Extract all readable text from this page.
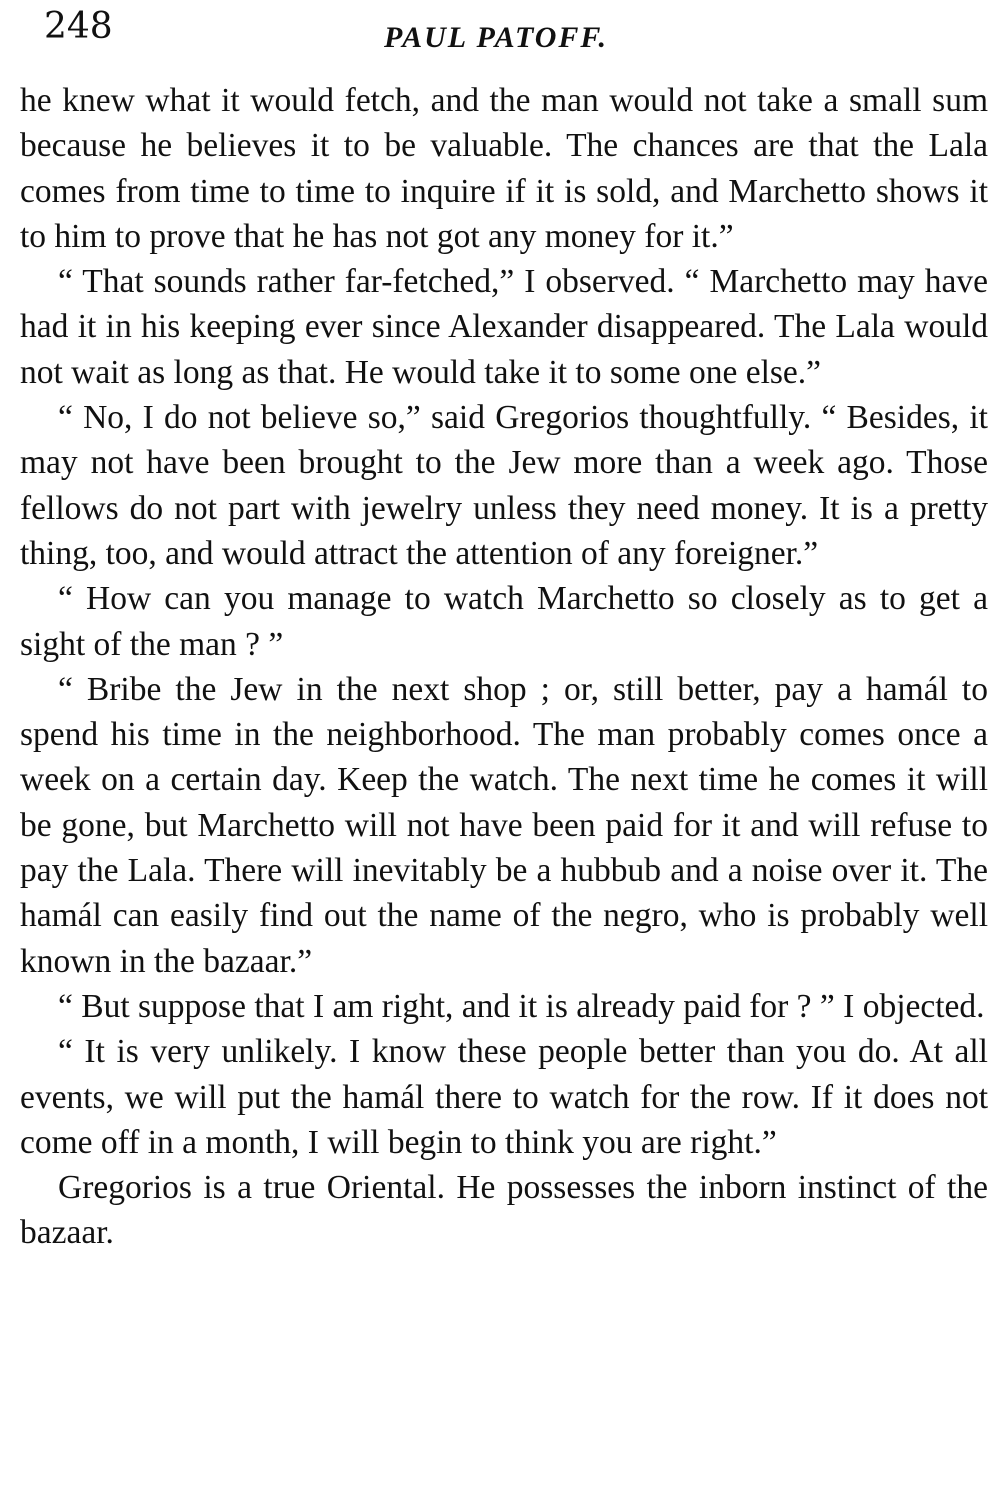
248	PAUL PATOFF.

he knew what it would fetch, and the man would not take a small sum because he believes it to be valuable. The chances are that the Lala comes from time to time to inquire if it is sold, and Marchetto shows it to him to prove that he has not got any money for it.”

“ That sounds rather far-fetched,” I observed. “ Marchetto may have had it in his keeping ever since Alexander disappeared. The Lala would not wait as long as that. He would take it to some one else.”

“ No, I do not believe so,” said Gregorios thoughtfully. “ Besides, it may not have been brought to the Jew more than a week ago. Those fellows do not part with jewelry unless they need money. It is a pretty thing, too, and would attract the attention of any foreigner.”

“ How can you manage to watch Marchetto so closely as to get a sight of the man ? ”

“ Bribe the Jew in the next shop ; or, still better, pay a hamál to spend his time in the neighborhood. The man probably comes once a week on a certain day. Keep the watch. The next time he comes it will be gone, but Marchetto will not have been paid for it and will refuse to pay the Lala. There will inevitably be a hubbub and a noise over it. The hamál can easily find out the name of the negro, who is probably well known in the bazaar.”

“ But suppose that I am right, and it is already paid for ? ” I objected.

“ It is very unlikely. I know these people better than you do. At all events, we will put the hamál there to watch for the row. If it does not come off in a month, I will begin to think you are right.”

Gregorios is a true Oriental. He possesses the inborn instinct of the bazaar.
